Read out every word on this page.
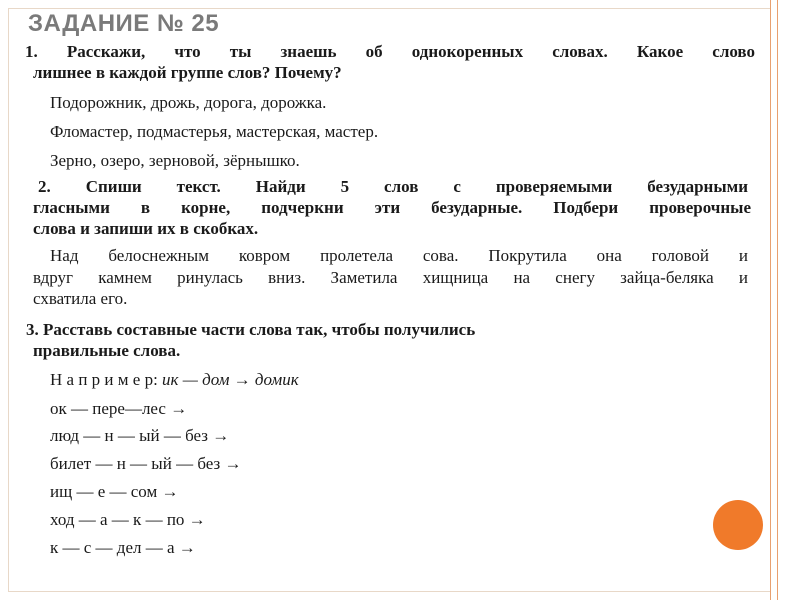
ЗАДАНИЕ № 25
1. Расскажи, что ты знаешь об однокоренных словах. Какое слово
лишнее в каждой группе слов? Почему?
Подорожник, дрожь, дорога, дорожка.
Фломастер, подмастерья, мастерская, мастер.
Зерно, озеро, зерновой, зёрнышко.
2. Спиши текст. Найди 5 слов с проверяемыми безударными
гласными в корне, подчеркни эти безударные. Подбери проверочные
слова и запиши их в скобках.
Над белоснежным ковром пролетела сова. Покрутила она головой и
вдруг камнем ринулась вниз. Заметила хищница на снегу зайца-беляка и
схватила его.
3. Расставь составные части слова так, чтобы получились
правильные слова.
Н а п р и м е р: ик — дом → домик
ок — пере—лес →
люд — н — ый — без →
билет — н — ый — без →
ищ — е — сом →
ход — а — к — по →
к — с — дел — а →
